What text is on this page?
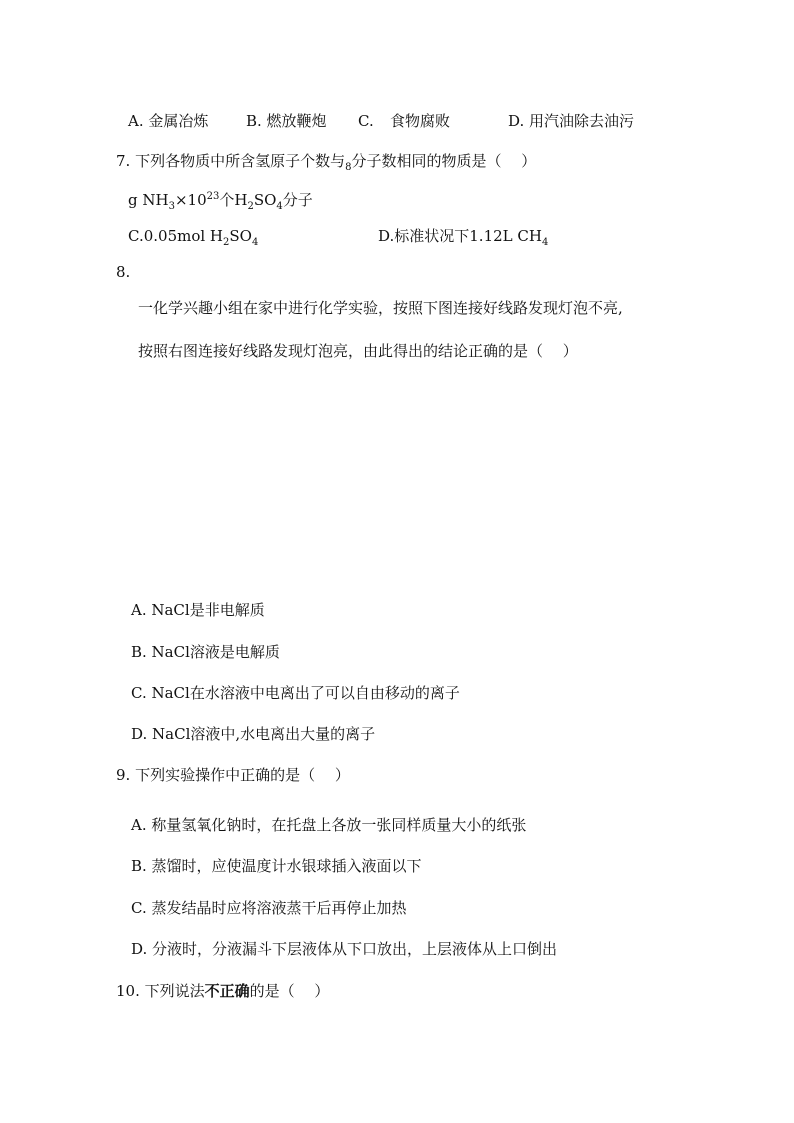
A. 金属冶炼	B. 燃放鞭炮 C. 食物腐败	D. 用汽油除去油污
7. 下列各物质中所含氢原子个数与$_8$分子数相同的物质是（　 ）
g $NH_3\times 10^{23}$个$H_2SO_4$分子
C.0.05mol $H_2SO_4$	D.标准状况下1.12L $CH_4$
8.
一化学兴趣小组在家中进行化学实验，按照下图连接好线路发现灯泡不亮,
按照右图连接好线路发现灯泡亮，由此得出的结论正确的是（　 ）
A. NaCl是非电解质
B. NaCl溶液是电解质
C. NaCl在水溶液中电离出了可以自由移动的离子
D. NaCl溶液中,水电离出大量的离子
9. 下列实验操作中正确的是（　 ）
A. 称量氢氧化钠时，在托盘上各放一张同样质量大小的纸张
B. 蒸馏时，应使温度计水银球插入液面以下
C. 蒸发结晶时应将溶液蒸干后再停止加热
D. 分液时，分液漏斗下层液体从下口放出，上层液体从上口倒出
10. 下列说法不正确的是（　 ）
